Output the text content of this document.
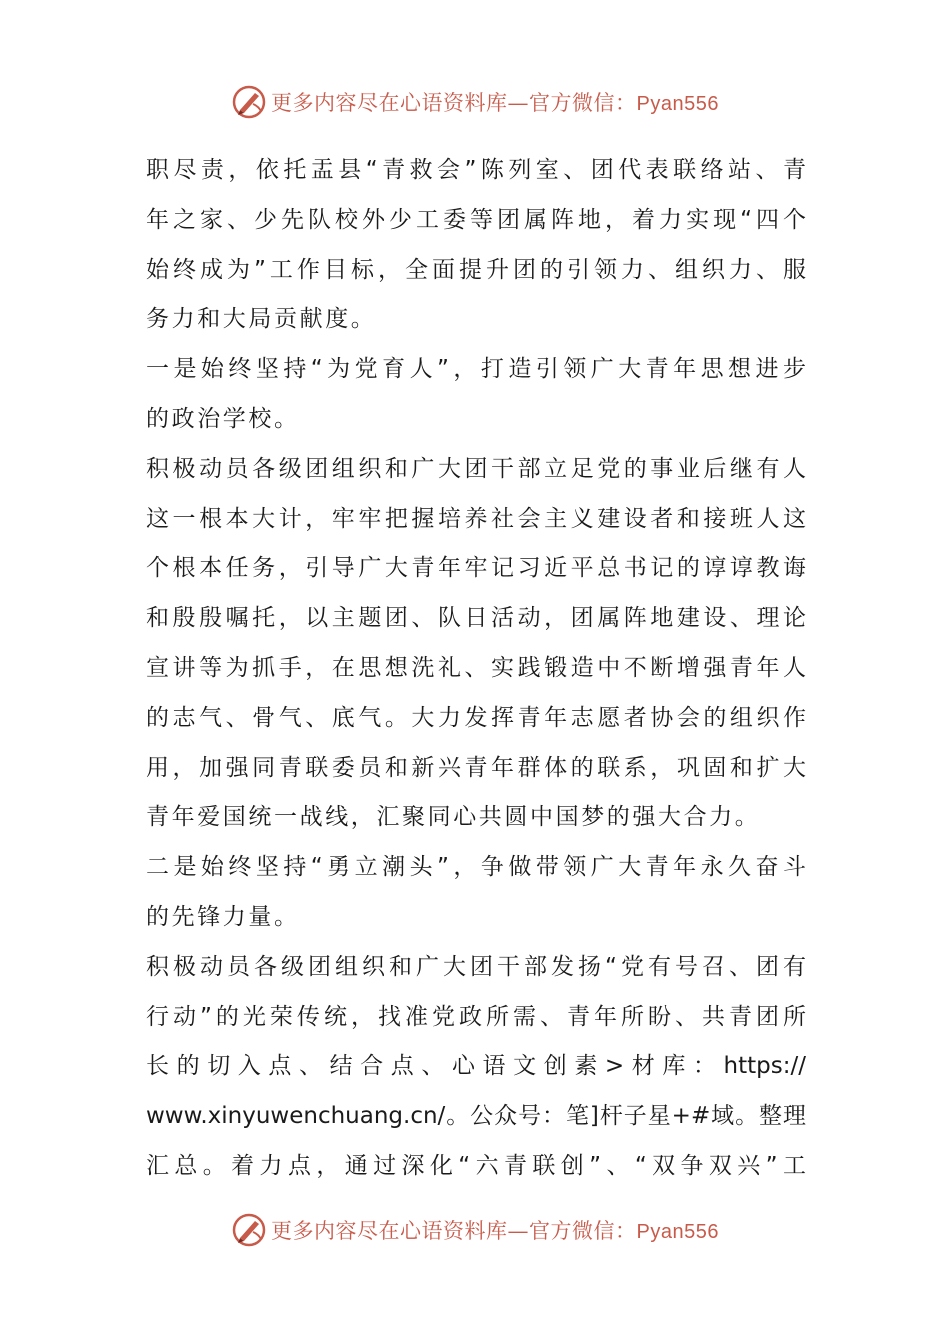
更多内容尽在心语资料库—官方微信：Pyan556
职尽责，依托盂县“青救会”陈列室、团代表联络站、青
年之家、少先队校外少工委等团属阵地，着力实现“四个
始终成为”工作目标，全面提升团的引领力、组织力、服
务力和大局贡献度。
一是始终坚持“为党育人”，打造引领广大青年思想进步
的政治学校。
积极动员各级团组织和广大团干部立足党的事业后继有人
这一根本大计，牢牢把握培养社会主义建设者和接班人这
个根本任务，引导广大青年牢记习近平总书记的谆谆教诲
和殷殷嘱托，以主题团、队日活动，团属阵地建设、理论
宣讲等为抓手，在思想洗礼、实践锻造中不断增强青年人
的志气、骨气、底气。大力发挥青年志愿者协会的组织作
用，加强同青联委员和新兴青年群体的联系，巩固和扩大
青年爱国统一战线，汇聚同心共圆中国梦的强大合力。
二是始终坚持“勇立潮头”，争做带领广大青年永久奋斗
的先锋力量。
积极动员各级团组织和广大团干部发扬“党有号召、团有
行动”的光荣传统，找准党政所需、青年所盼、共青团所
长的切入点、结合点、心语文创素>材库：https://
www.xinyuwenchuang.cn/。公众号：笔]杆子星+#域。整理
汇总。着力点，通过深化“六青联创”、“双争双兴”工
更多内容尽在心语资料库—官方微信：Pyan556
